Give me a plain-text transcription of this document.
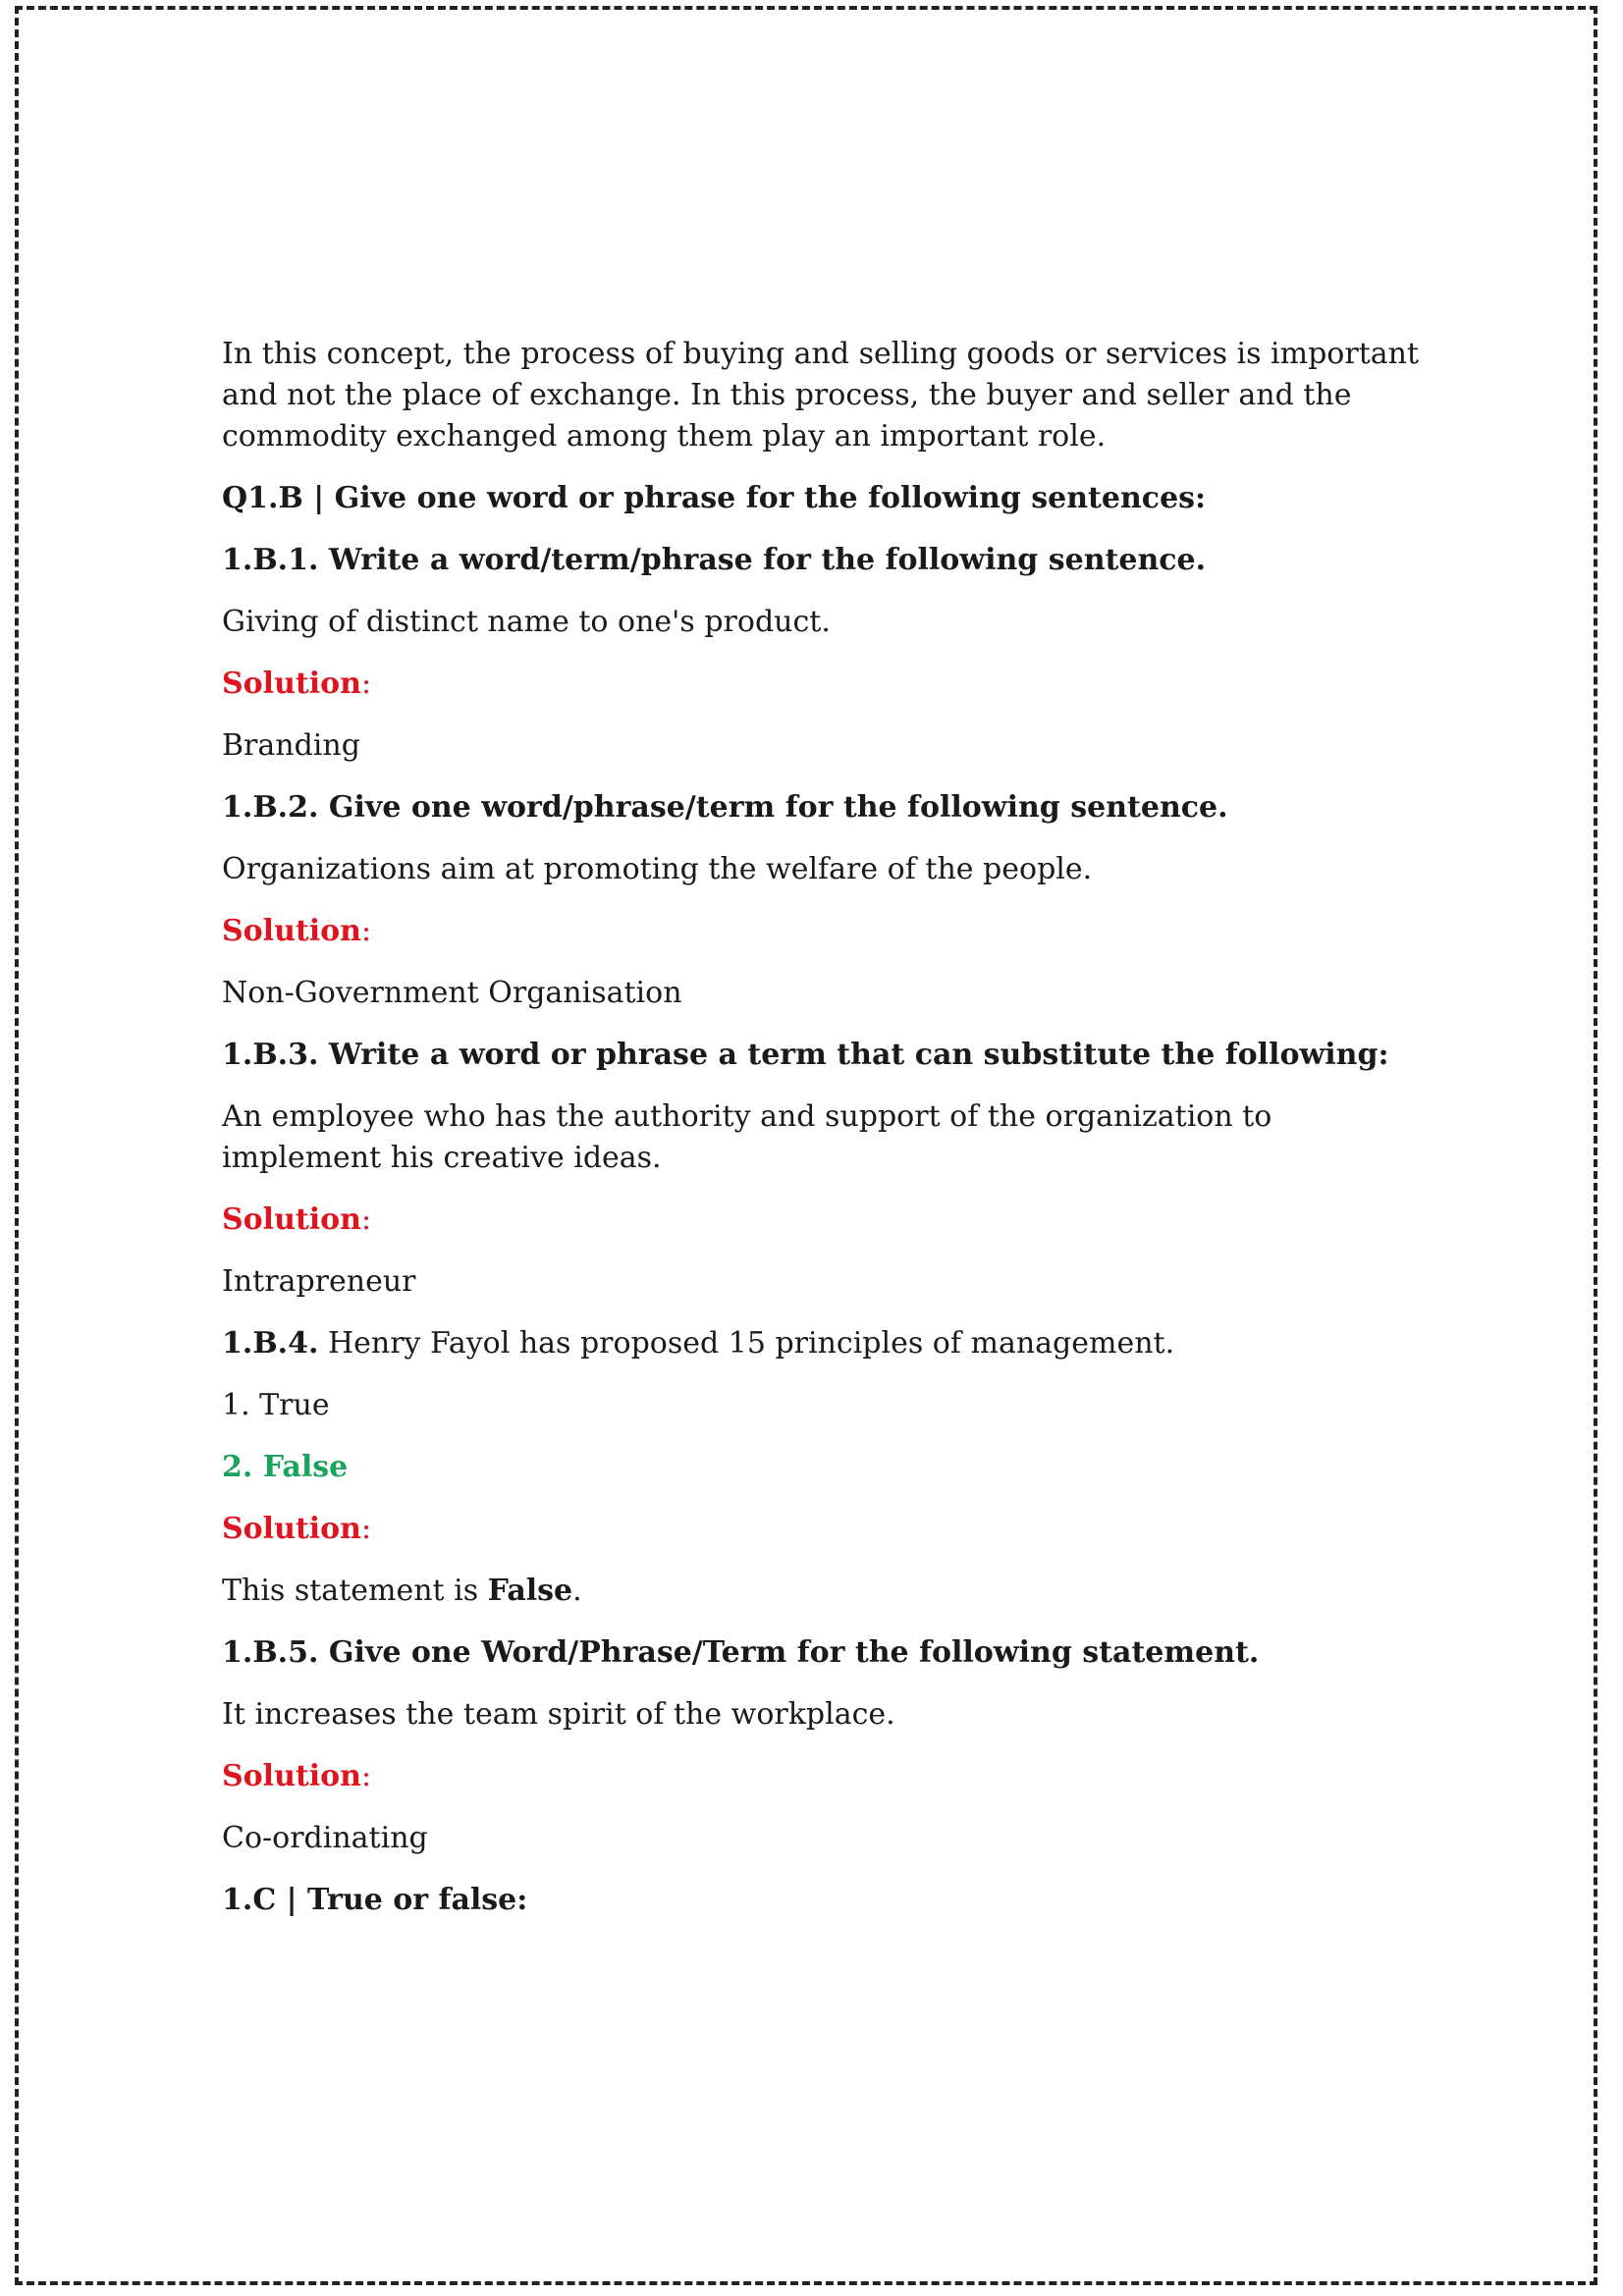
In this concept, the process of buying and selling goods or services is important and not the place of exchange. In this process, the buyer and seller and the commodity exchanged among them play an important role.

Q1.B | Give one word or phrase for the following sentences:

1.B.1. Write a word/term/phrase for the following sentence.

Giving of distinct name to one's product.

Solution:

Branding

1.B.2. Give one word/phrase/term for the following sentence.

Organizations aim at promoting the welfare of the people.

Solution:

Non-Government Organisation

1.B.3. Write a word or phrase a term that can substitute the following:

An employee who has the authority and support of the organization to implement his creative ideas.

Solution:

Intrapreneur

1.B.4. Henry Fayol has proposed 15 principles of management.

1. True

2. False

Solution:

This statement is False.

1.B.5. Give one Word/Phrase/Term for the following statement.

It increases the team spirit of the workplace.

Solution:

Co-ordinating

1.C | True or false:
